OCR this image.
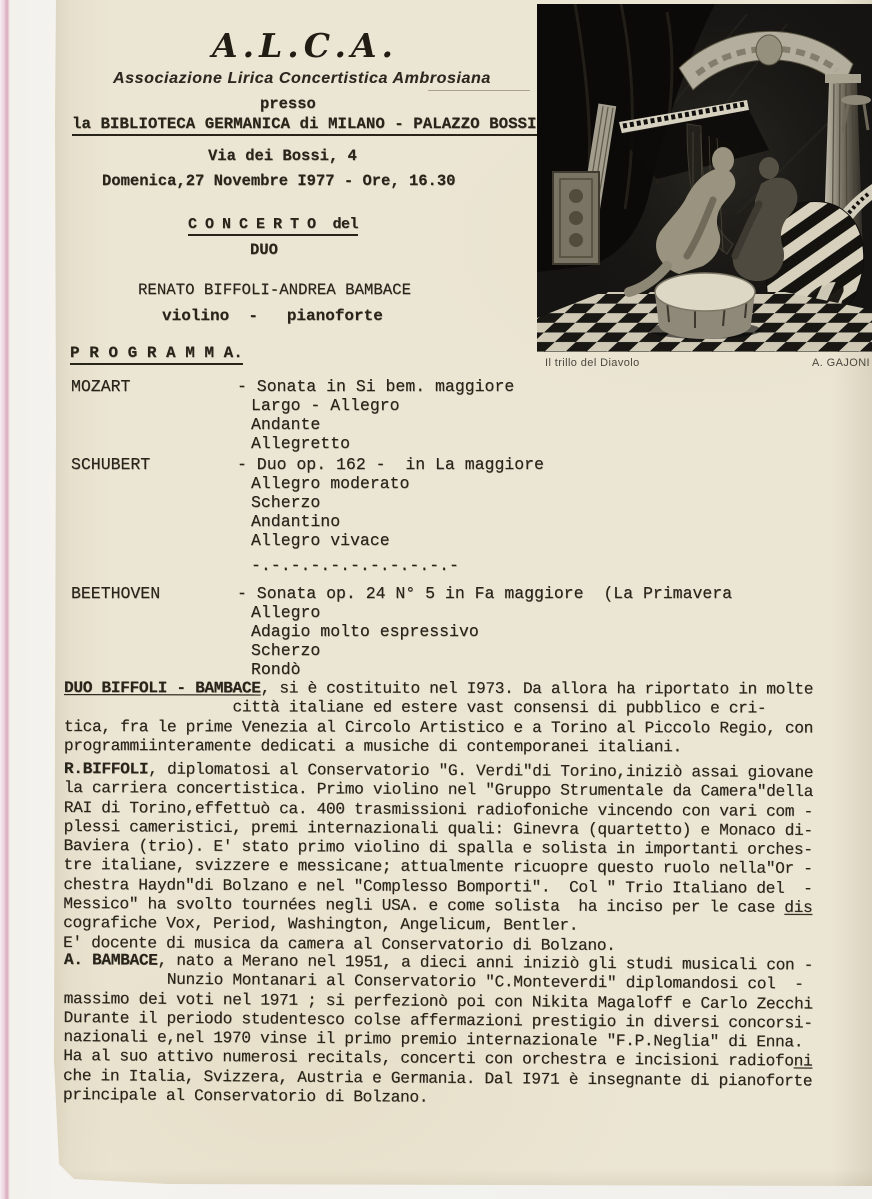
A.L.C.A.
Associazione Lirica Concertistica Ambrosiana
presso
la BIBLIOTECA GERMANICA di MILANO - PALAZZO BOSSI
Via dei Bossi, 4
Domenica,27 Novembre I977 - Ore, 16.30
C O N C E R T O  del
DUO
RENATO BIFFOLI-ANDREA BAMBACE
violino  -   pianoforte
P R O G R A M M A.
MOZART	- Sonata in Si bem. maggiore
Largo - Allegro
Andante
Allegretto
SCHUBERT	- Duo op. 162 -  in La maggiore
Allegro moderato
Scherzo
Andantino
Allegro vivace
-.-.-.-.-.-.-.-.-.-.-
BEETHOVEN	- Sonata op. 24 N° 5 in Fa maggiore  (La Primavera
Allegro
Adagio molto espressivo
Scherzo
Rondò
Il trillo del Diavolo	A. GAJONI
DUO BIFFOLI - BAMBACE, si è costituito nel I973. Da allora ha riportato in molte
città italiane ed estere vast consensi di pubblico e cri-
tica, fra le prime Venezia al Circolo Artistico e a Torino al Piccolo Regio, con
programmiinteramente dedicati a musiche di contemporanei italiani.
R.BIFFOLI, diplomatosi al Conservatorio "G. Verdi"di Torino,iniziò assai giovane
la carriera concertistica. Primo violino nel "Gruppo Strumentale da Camera"della
RAI di Torino,effettuò ca. 400 trasmissioni radiofoniche vincendo con vari com -
plessi cameristici, premi internazionali quali: Ginevra (quartetto) e Monaco di-
Baviera (trio). E' stato primo violino di spalla e solista in importanti orches-
tre italiane, svizzere e messicane; attualmente ricuopre questo ruolo nella"Or -
chestra Haydn"di Bolzano e nel "Complesso Bomporti".  Col " Trio Italiano del  -
Messico" ha svolto tournées negli USA. e come solista  ha inciso per le case dis
cografiche Vox, Period, Washington, Angelicum, Bentler.
E' docente di musica da camera al Conservatorio di Bolzano.
A. BAMBACE, nato a Merano nel 1951, a dieci anni iniziò gli studi musicali con -
Nunzio Montanari al Conservatorio "C.Monteverdi" diplomandosi col  -
massimo dei voti nel 1971 ; si perfezionò poi con Nikita Magaloff e Carlo Zecchi
Durante il periodo studentesco colse affermazioni prestigio in diversi concorsi-
nazionali e,nel 1970 vinse il primo premio internazionale "F.P.Neglia" di Enna.
Ha al suo attivo numerosi recitals, concerti con orchestra e incisioni radiofoni
che in Italia, Svizzera, Austria e Germania. Dal I971 è insegnante di pianoforte
principale al Conservatorio di Bolzano.
